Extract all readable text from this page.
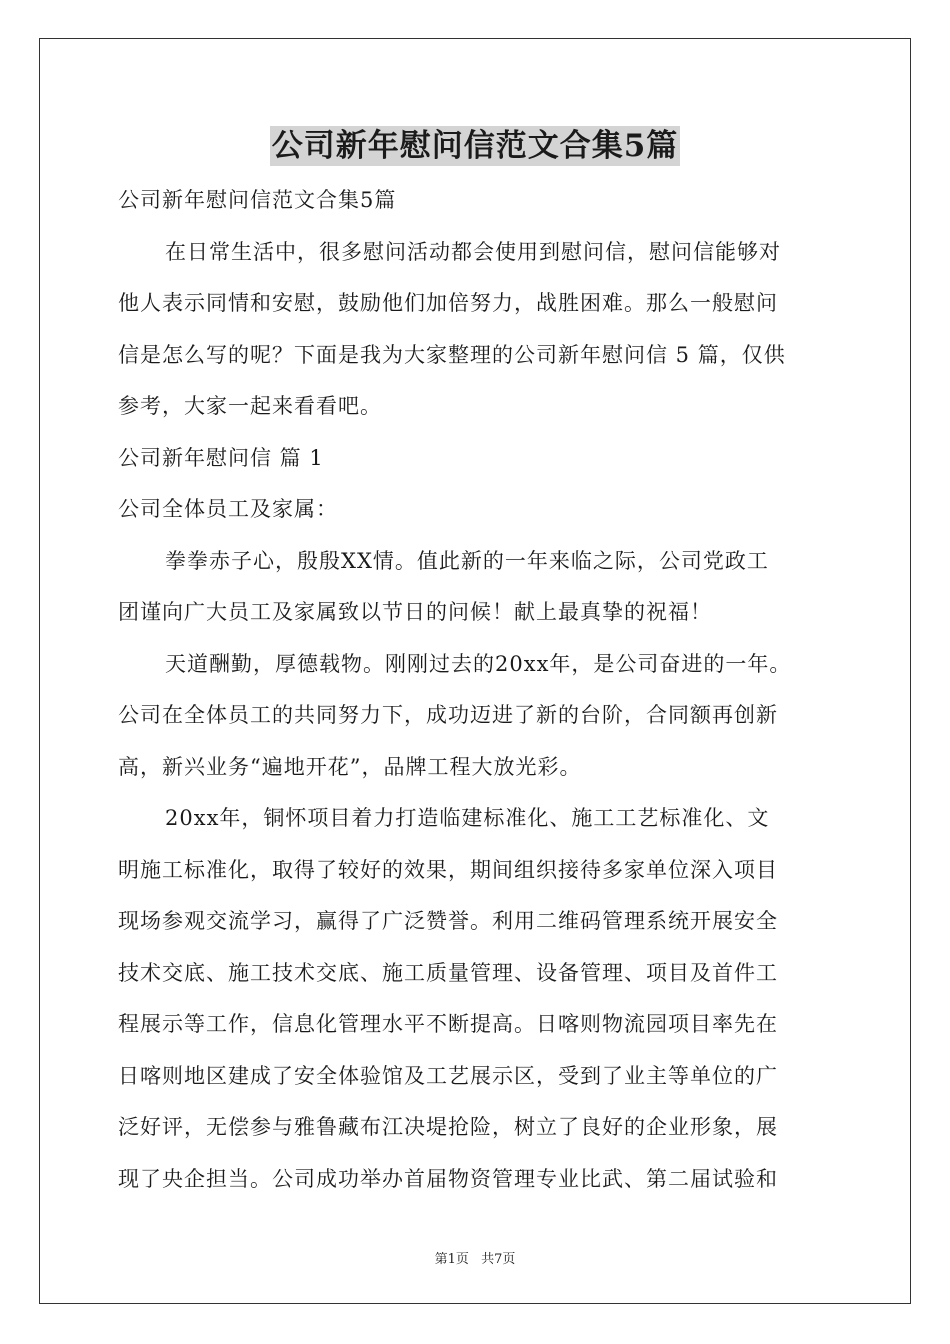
公司新年慰问信范文合集5篇
公司新年慰问信范文合集5篇
在日常生活中，很多慰问活动都会使用到慰问信，慰问信能够对
他人表示同情和安慰，鼓励他们加倍努力，战胜困难。那么一般慰问
信是怎么写的呢？下面是我为大家整理的公司新年慰问信 5 篇，仅供
参考，大家一起来看看吧。
公司新年慰问信 篇 1
公司全体员工及家属：
拳拳赤子心，殷殷XX情。值此新的一年来临之际，公司党政工
团谨向广大员工及家属致以节日的问候！献上最真挚的祝福！
天道酬勤，厚德载物。刚刚过去的20xx年，是公司奋进的一年。
公司在全体员工的共同努力下，成功迈进了新的台阶，合同额再创新
高，新兴业务“遍地开花”，品牌工程大放光彩。
20xx年，铜怀项目着力打造临建标准化、施工工艺标准化、文
明施工标准化，取得了较好的效果，期间组织接待多家单位深入项目
现场参观交流学习，赢得了广泛赞誉。利用二维码管理系统开展安全
技术交底、施工技术交底、施工质量管理、设备管理、项目及首件工
程展示等工作，信息化管理水平不断提高。日喀则物流园项目率先在
日喀则地区建成了安全体验馆及工艺展示区，受到了业主等单位的广
泛好评，无偿参与雅鲁藏布江决堤抢险，树立了良好的企业形象，展
现了央企担当。公司成功举办首届物资管理专业比武、第二届试验和
第1页 共7页
